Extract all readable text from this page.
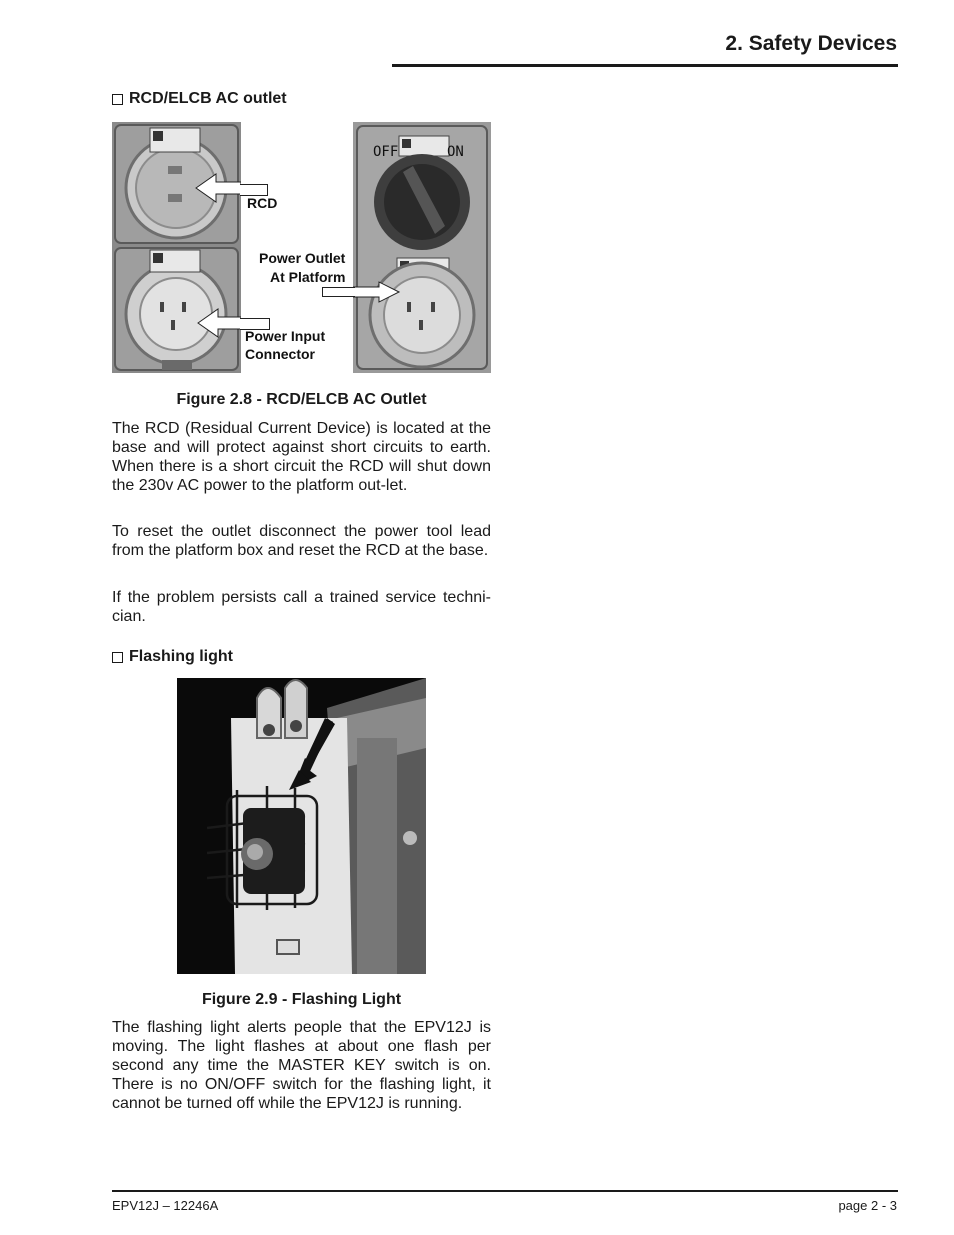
2. Safety Devices
RCD/ELCB AC outlet
RCD
Power Outlet
At Platform
Power Input
Connector
OFF	ON
Figure 2.8 - RCD/ELCB AC Outlet

The RCD (Residual Current Device) is located at the base and will protect against short circuits to earth. When there is a short circuit the RCD will shut down the 230v AC power to the platform out-let.

To reset the outlet disconnect the power tool lead from the platform box and reset the RCD at the base.

If the problem persists call a trained service techni-cian.

Flashing light
Figure 2.9 - Flashing Light

The flashing light alerts people that the EPV12J is moving. The light flashes at about one flash per second any time the MASTER KEY switch is on. There is no ON/OFF switch for the flashing light, it cannot be turned off while the EPV12J is running.

EPV12J – 12246A	page 2 - 3
